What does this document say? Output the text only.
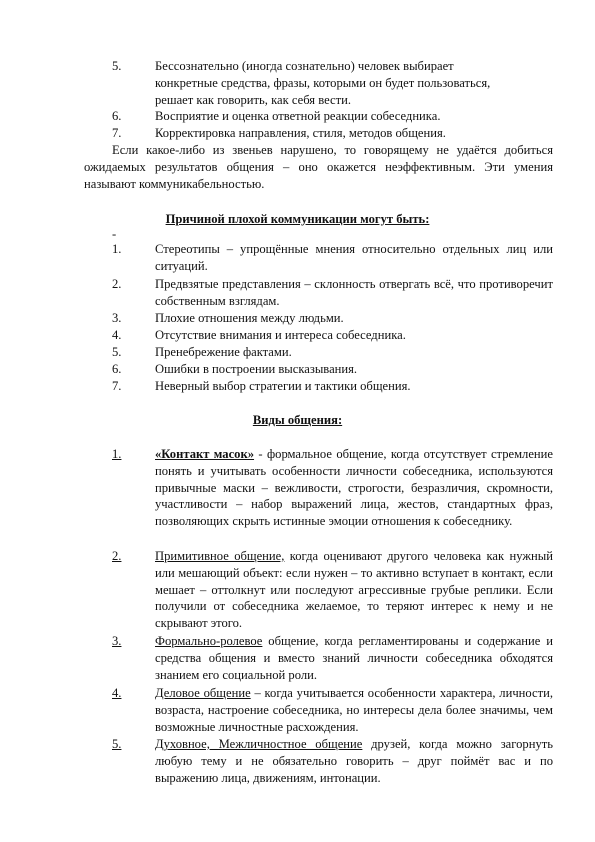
5.	Бессознательно (иногда сознательно) человек выбирает
конкретные средства, фразы, которыми он будет пользоваться,
решает как говорить, как себя вести.
6.	Восприятие и оценка ответной реакции собеседника.
7.	Корректировка направления, стиля, методов общения.
Если какое-либо из звеньев нарушено, то говорящему не удаётся добиться ожидаемых результатов общения – оно окажется неэффективным. Эти умения называют коммуникабельностью.
Причиной плохой коммуникации могут быть:
-
1.	Стереотипы – упрощённые мнения относительно отдельных лиц или ситуаций.
2.	Предвзятые представления – склонность отвергать всё, что противоречит собственным взглядам.
3.	Плохие отношения между людьми.
4.	Отсутствие внимания и интереса собеседника.
5.	Пренебрежение фактами.
6.	Ошибки в построении высказывания.
7.	Неверный выбор стратегии и тактики общения.
Виды общения:
1.	«Контакт масок» - формальное общение, когда отсутствует стремление понять и учитывать особенности личности собеседника, используются привычные маски – вежливости, строгости, безразличия, скромности, участливости – набор выражений лица, жестов, стандартных фраз, позволяющих скрыть истинные эмоции отношения к собеседнику.
2.	Примитивное общение, когда оценивают другого человека как нужный или мешающий объект: если нужен – то активно вступает в контакт, если мешает – оттолкнут или последуют агрессивные грубые реплики. Если получили от собеседника желаемое, то теряют интерес к нему и не скрывают этого.
3.	Формально-ролевое общение, когда регламентированы и содержание и средства общения и вместо знаний личности собеседника обходятся знанием его социальной роли.
4.	Деловое общение – когда учитывается особенности характера, личности, возраста, настроение собеседника, но интересы дела более значимы, чем возможные личностные расхождения.
5.	Духовное, Межличностное общение друзей, когда можно загорнуть любую тему и не обязательно говорить – друг поймёт вас и по выражению лица, движениям, интонации.
